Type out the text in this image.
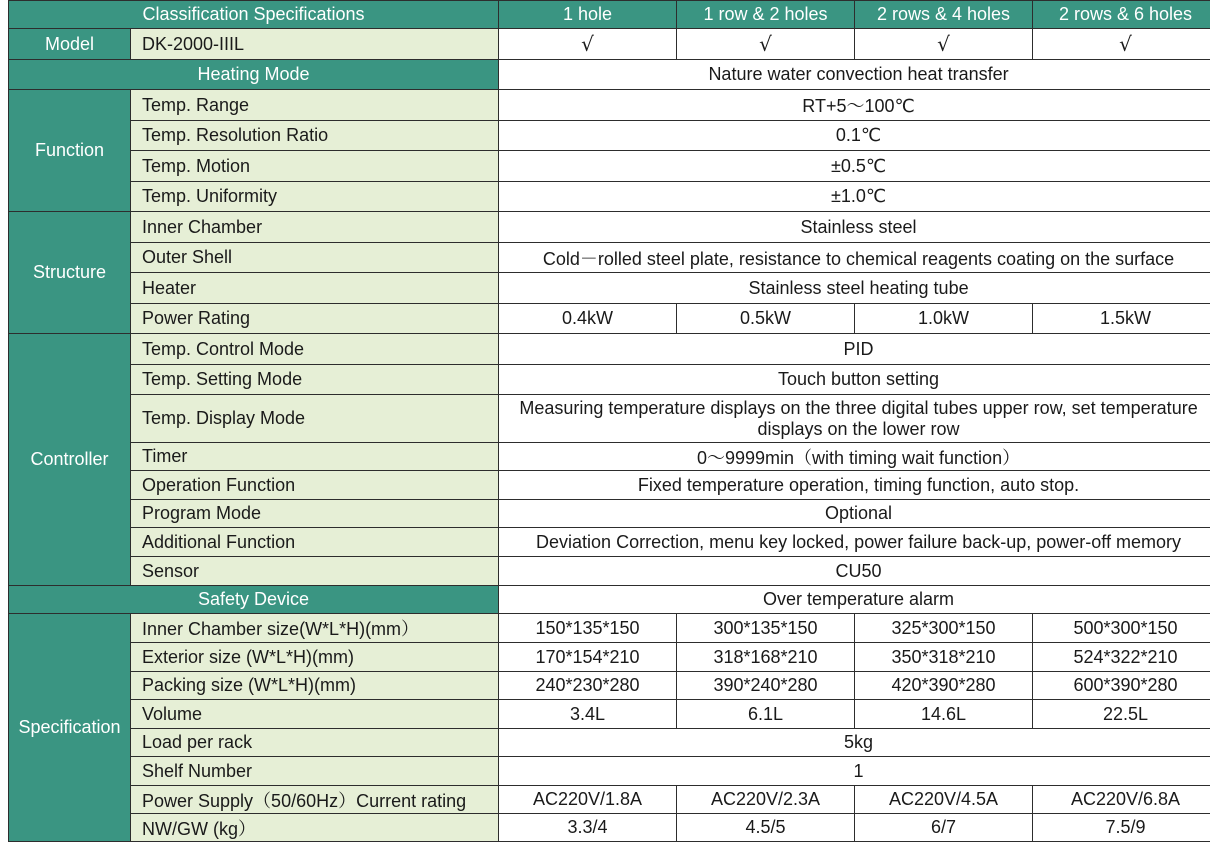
Classification Specifications		1 hole	1 row & 2 holes	2 rows & 4 holes	2 rows & 6 holes
Model	DK-2000-IIIL	√	√	√	√
Heating Mode		Nature water convection heat transfer			
Function	Temp. Range	RT+5～100℃			
	Temp. Resolution Ratio	0.1℃			
	Temp. Motion	±0.5℃			
	Temp. Uniformity	±1.0℃			
Structure	Inner Chamber	Stainless steel			
	Outer Shell	Cold－rolled steel plate, resistance to chemical reagents coating on the surface			
	Heater	Stainless steel heating tube			
	Power Rating	0.4kW	0.5kW	1.0kW	1.5kW
Controller	Temp. Control Mode	PID			
	Temp. Setting Mode	Touch button setting			
	Temp. Display Mode	Measuring temperature displays on the three digital tubes upper row, set temperature displays on the lower row			
	Timer	0～9999min（with timing wait function）			
	Operation Function	Fixed temperature operation, timing function, auto stop.			
	Program Mode	Optional			
	Additional Function	Deviation Correction, menu key locked, power failure back-up, power-off memory			
	Sensor	CU50			
Safety Device		Over temperature alarm			
Specification	Inner Chamber size(W*L*H)(mm）	150*135*150	300*135*150	325*300*150	500*300*150
	Exterior size (W*L*H)(mm)	170*154*210	318*168*210	350*318*210	524*322*210
	Packing size (W*L*H)(mm)	240*230*280	390*240*280	420*390*280	600*390*280
	Volume	3.4L	6.1L	14.6L	22.5L
	Load per rack	5kg			
	Shelf Number	1			
	Power Supply（50/60Hz）Current rating	AC220V/1.8A	AC220V/2.3A	AC220V/4.5A	AC220V/6.8A
	NW/GW (kg）	3.3/4	4.5/5	6/7	7.5/9
